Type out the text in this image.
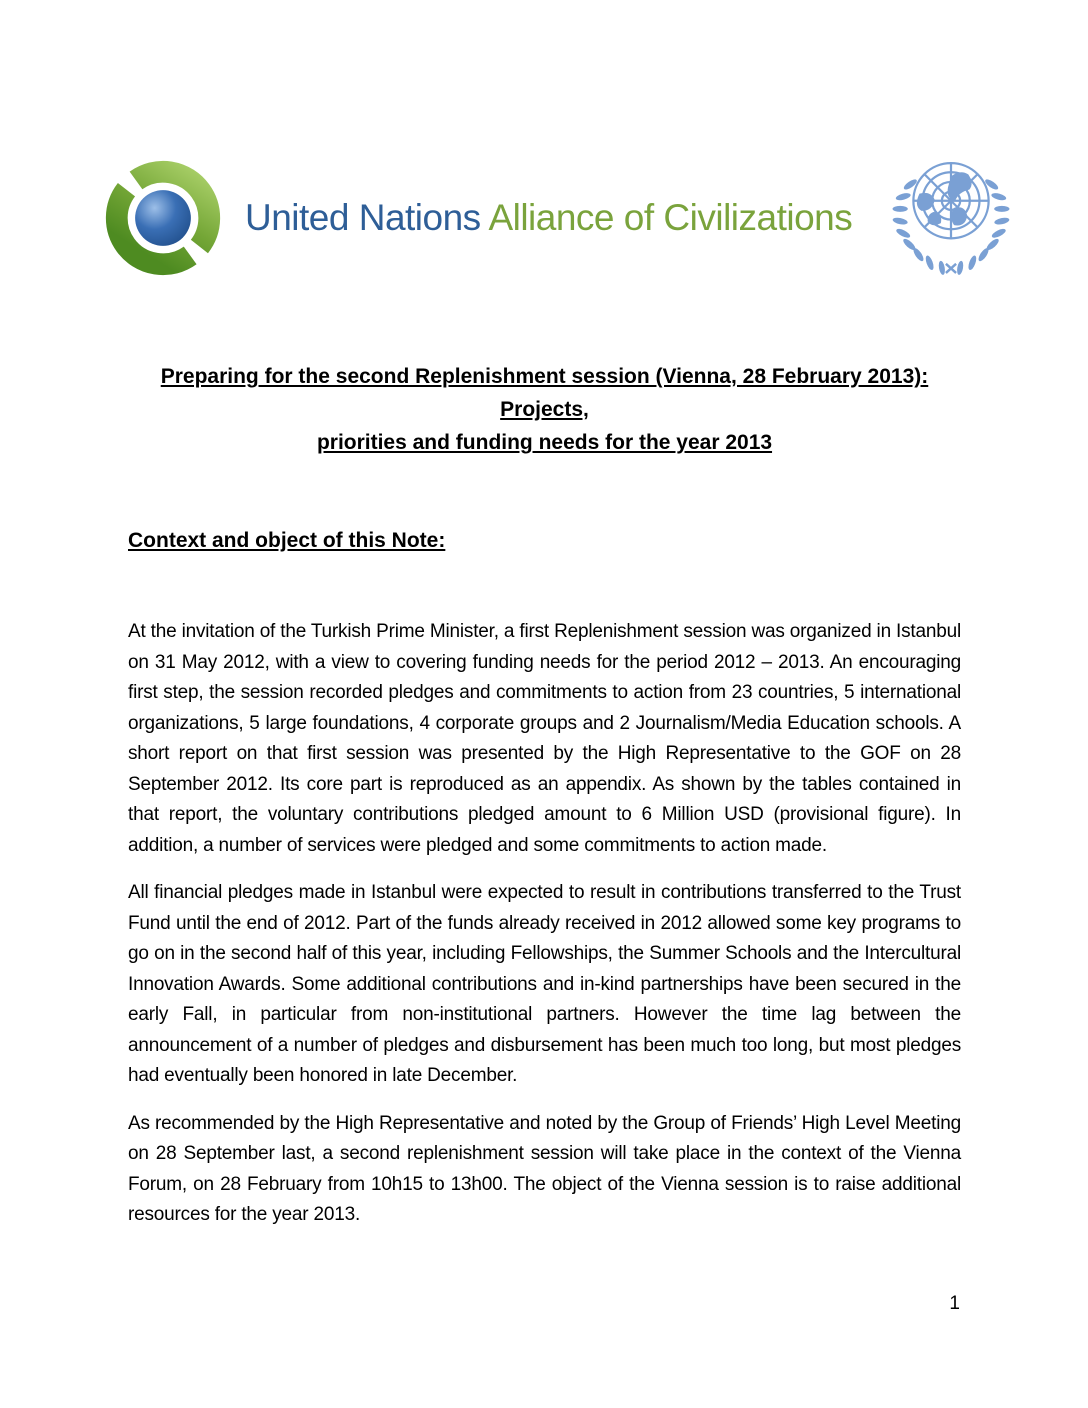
United Nations Alliance of Civilizations
Preparing for the second Replenishment session (Vienna, 28 February 2013): Projects,
priorities and funding needs for the year 2013
Context and object of this Note:

At the invitation of the Turkish Prime Minister, a first Replenishment session was organized in Istanbul on 31 May 2012, with a view to covering funding needs for the period 2012 – 2013. An encouraging first step, the session recorded pledges and commitments to action from 23 countries, 5 international organizations, 5 large foundations, 4 corporate groups and 2 Journalism/Media Education schools. A short report on that first session was presented by the High Representative to the GOF on 28 September 2012. Its core part is reproduced as an appendix. As shown by the tables contained in that report, the voluntary contributions pledged amount to 6 Million USD (provisional figure). In addition, a number of services were pledged and some commitments to action made.

All financial pledges made in Istanbul were expected to result in contributions transferred to the Trust Fund until the end of 2012. Part of the funds already received in 2012 allowed some key programs to go on in the second half of this year, including Fellowships, the Summer Schools and the Intercultural Innovation Awards. Some additional contributions and in-kind partnerships have been secured in the early Fall, in particular from non-institutional partners. However the time lag between the announcement of a number of pledges and disbursement has been much too long, but most pledges had eventually been honored in late December.

As recommended by the High Representative and noted by the Group of Friends’ High Level Meeting on 28 September last, a second replenishment session will take place in the context of the Vienna Forum, on 28 February from 10h15 to 13h00. The object of the Vienna session is to raise additional resources for the year 2013.

1
